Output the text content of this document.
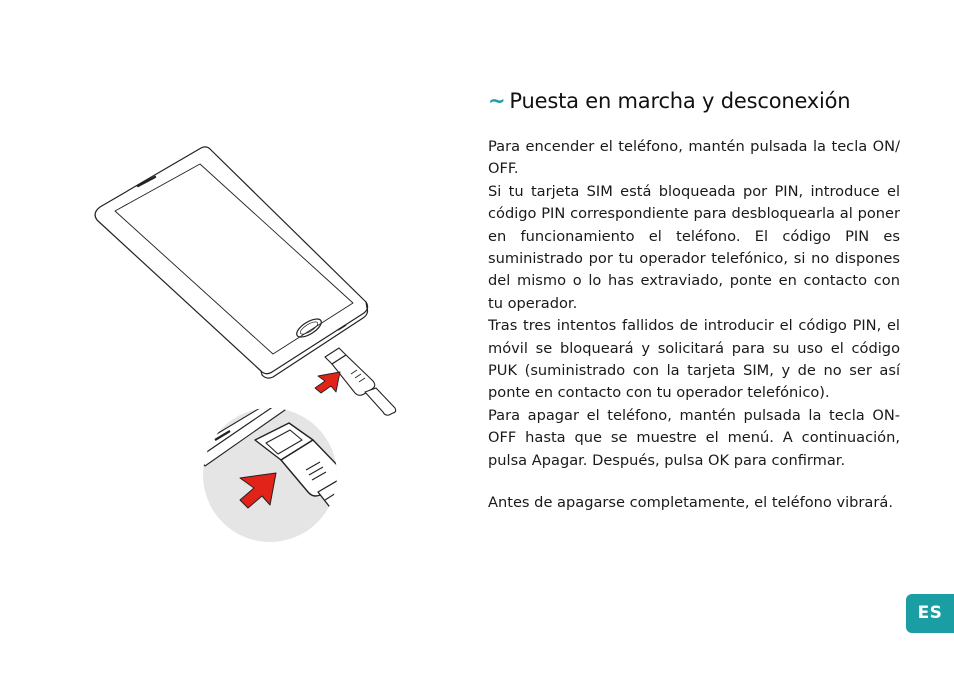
~ Puesta en marcha y desconexión

Para encender el teléfono, mantén pulsada la tecla ON/ OFF.

Si tu tarjeta SIM está bloqueada por PIN, introduce el código PIN correspondiente para desbloquearla al poner en funcionamiento el teléfono. El código PIN es suministrado por tu operador telefónico, si no dispones del mismo o lo has extraviado, ponte en contacto con tu operador.

Tras tres intentos fallidos de introducir el código PIN, el móvil se bloqueará y solicitará para su uso el código PUK (suministrado con la tarjeta SIM, y de no ser así ponte en contacto con tu operador telefónico).

Para apagar el teléfono, mantén pulsada la tecla ON-OFF hasta que se muestre el menú. A continuación, pulsa Apagar. Después, pulsa OK para confirmar.

Antes de apagarse completamente, el teléfono vibrará.

ES
